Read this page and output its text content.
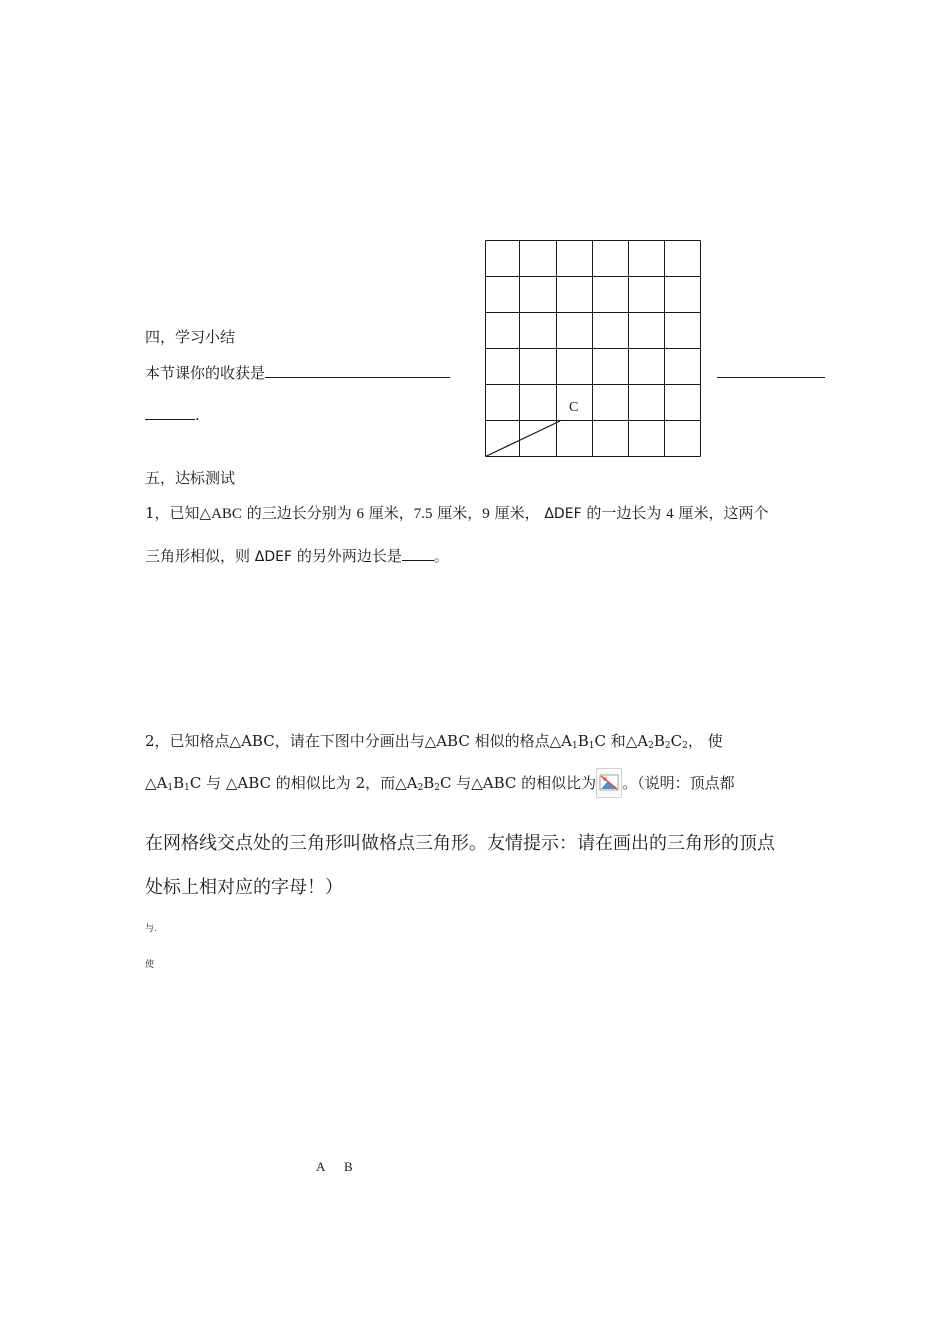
四，学习小结
本节课你的收获是
.	C
五，达标测试
1，已知△ABC 的三边长分别为 6 厘米，7.5 厘米，9 厘米， ΔDEF 的一边长为 4 厘米，这两个
三角形相似，则 ΔDEF 的另外两边长是 。
2，已知格点△ABC，请在下图中分画出与△ABC 相似的格点$\triangle A_1B_1C$ 和$\triangle A_2B_2C_2$， 使
$\triangle A_1B_1C$ 与 △ABC 的相似比为 2，而$\triangle A_2B_2C$ 与△ABC 的相似比为 。（说明：顶点都
在网格线交点处的三角形叫做格点三角形。友情提示：请在画出的三角形的顶点
处标上相对应的字母！）
与.
使
A B
